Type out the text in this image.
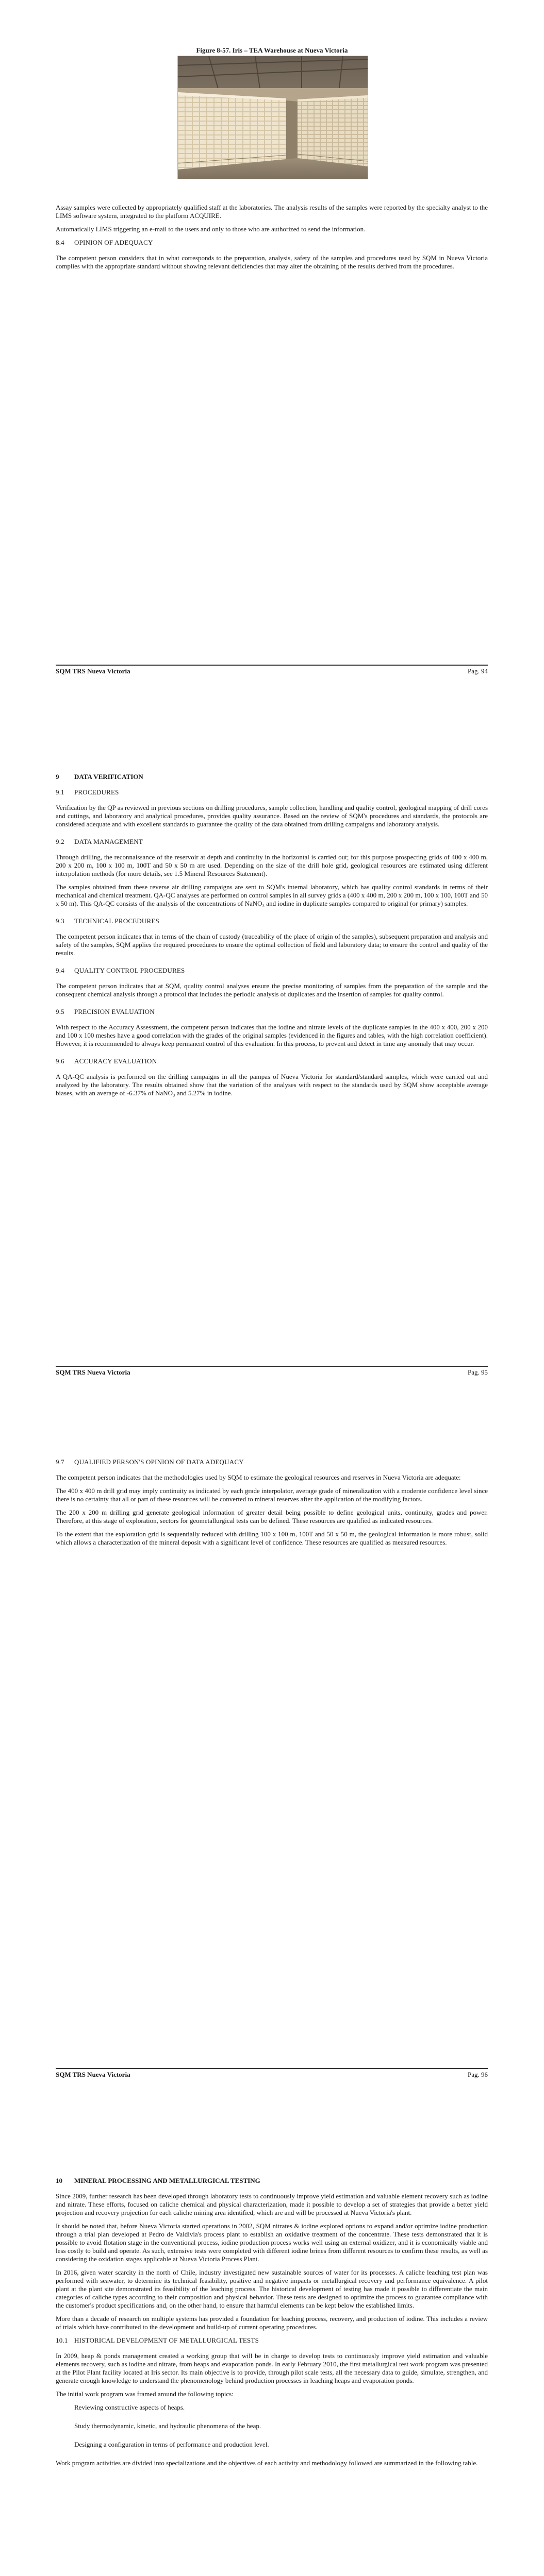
Figure 8-57. Iris – TEA Warehouse at Nueva Victoria

Assay samples were collected by appropriately qualified staff at the laboratories. The analysis results of the samples were reported by the specialty analyst to the LIMS software system, integrated to the platform ACQUIRE.

Automatically LIMS triggering an e-mail to the users and only to those who are authorized to send the information.

8.4 OPINION OF ADEQUACY

The competent person considers that in what corresponds to the preparation, analysis, safety of the samples and procedures used by SQM in Nueva Victoria complies with the appropriate standard without showing relevant deficiencies that may alter the obtaining of the results derived from the procedures.

SQM TRS Nueva Victoria	Pag. 94
9 DATA VERIFICATION
9.1 PROCEDURES

Verification by the QP as reviewed in previous sections on drilling procedures, sample collection, handling and quality control, geological mapping of drill cores and cuttings, and laboratory and analytical procedures, provides quality assurance. Based on the review of SQM's procedures and standards, the protocols are considered adequate and with excellent standards to guarantee the quality of the data obtained from drilling campaigns and laboratory analysis.

9.2 DATA MANAGEMENT

Through drilling, the reconnaissance of the reservoir at depth and continuity in the horizontal is carried out; for this purpose prospecting grids of 400 x 400 m, 200 x 200 m, 100 x 100 m, 100T and 50 x 50 m are used. Depending on the size of the drill hole grid, geological resources are estimated using different interpolation methods (for more details, see 1.5 Mineral Resources Statement).

The samples obtained from these reverse air drilling campaigns are sent to SQM's internal laboratory, which has quality control standards in terms of their mechanical and chemical treatment. QA-QC analyses are performed on control samples in all survey grids a (400 x 400 m, 200 x 200 m, 100 x 100, 100T and 50 x 50 m). This QA-QC consists of the analysis of the concentrations of NaNO₃ and iodine in duplicate samples compared to original (or primary) samples.

9.3 TECHNICAL PROCEDURES

The competent person indicates that in terms of the chain of custody (traceability of the place of origin of the samples), subsequent preparation and analysis and safety of the samples, SQM applies the required procedures to ensure the optimal collection of field and laboratory data; to ensure the control and quality of the results.

9.4 QUALITY CONTROL PROCEDURES

The competent person indicates that at SQM, quality control analyses ensure the precise monitoring of samples from the preparation of the sample and the consequent chemical analysis through a protocol that includes the periodic analysis of duplicates and the insertion of samples for quality control.

9.5 PRECISION EVALUATION

With respect to the Accuracy Assessment, the competent person indicates that the iodine and nitrate levels of the duplicate samples in the 400 x 400, 200 x 200 and 100 x 100 meshes have a good correlation with the grades of the original samples (evidenced in the figures and tables, with the high correlation coefficient). However, it is recommended to always keep permanent control of this evaluation. In this process, to prevent and detect in time any anomaly that may occur.

9.6 ACCURACY EVALUATION

A QA-QC analysis is performed on the drilling campaigns in all the pampas of Nueva Victoria for standard/standard samples, which were carried out and analyzed by the laboratory. The results obtained show that the variation of the analyses with respect to the standards used by SQM show acceptable average biases, with an average of -6.37% of NaNO₃ and 5.27% in iodine.

SQM TRS Nueva Victoria	Pag. 95
9.7 QUALIFIED PERSON'S OPINION OF DATA ADEQUACY

The competent person indicates that the methodologies used by SQM to estimate the geological resources and reserves in Nueva Victoria are adequate:

The 400 x 400 m drill grid may imply continuity as indicated by each grade interpolator, average grade of mineralization with a moderate confidence level since there is no certainty that all or part of these resources will be converted to mineral reserves after the application of the modifying factors.

The 200 x 200 m drilling grid generate geological information of greater detail being possible to define geological units, continuity, grades and power. Therefore, at this stage of exploration, sectors for geometallurgical tests can be defined. These resources are qualified as indicated resources.

To the extent that the exploration grid is sequentially reduced with drilling 100 x 100 m, 100T and 50 x 50 m, the geological information is more robust, solid which allows a characterization of the mineral deposit with a significant level of confidence. These resources are qualified as measured resources.

SQM TRS Nueva Victoria	Pag. 96
10 MINERAL PROCESSING AND METALLURGICAL TESTING

Since 2009, further research has been developed through laboratory tests to continuously improve yield estimation and valuable element recovery such as iodine and nitrate. These efforts, focused on caliche chemical and physical characterization, made it possible to develop a set of strategies that provide a better yield projection and recovery projection for each caliche mining area identified, which are and will be processed at Nueva Victoria's plant.

It should be noted that, before Nueva Victoria started operations in 2002, SQM nitrates & iodine explored options to expand and/or optimize iodine production through a trial plan developed at Pedro de Valdivia's process plant to establish an oxidative treatment of the concentrate. These tests demonstrated that it is possible to avoid flotation stage in the conventional process, iodine production process works well using an external oxidizer, and it is economically viable and less costly to build and operate. As such, extensive tests were completed with different iodine brines from different resources to confirm these results, as well as considering the oxidation stages applicable at Nueva Victoria Process Plant.

In 2016, given water scarcity in the north of Chile, industry investigated new sustainable sources of water for its processes. A caliche leaching test plan was performed with seawater, to determine its technical feasibility, positive and negative impacts or metallurgical recovery and performance equivalence. A pilot plant at the plant site demonstrated its feasibility of the leaching process. The historical development of testing has made it possible to differentiate the main categories of caliche types according to their composition and physical behavior. These tests are designed to optimize the process to guarantee compliance with the customer's product specifications and, on the other hand, to ensure that harmful elements can be kept below the established limits.

More than a decade of research on multiple systems has provided a foundation for leaching process, recovery, and production of iodine. This includes a review of trials which have contributed to the development and build-up of current operating procedures.

10.1 HISTORICAL DEVELOPMENT OF METALLURGICAL TESTS

In 2009, heap & ponds management created a working group that will be in charge to develop tests to continuously improve yield estimation and valuable elements recovery, such as iodine and nitrate, from heaps and evaporation ponds. In early February 2010, the first metallurgical test work program was presented at the Pilot Plant facility located at Iris sector. Its main objective is to provide, through pilot scale tests, all the necessary data to guide, simulate, strengthen, and generate enough knowledge to understand the phenomenology behind production processes in leaching heaps and evaporation ponds.

The initial work program was framed around the following topics:

Reviewing constructive aspects of heaps.
Study thermodynamic, kinetic, and hydraulic phenomena of the heap.
Designing a configuration in terms of performance and production level.

Work program activities are divided into specializations and the objectives of each activity and methodology followed are summarized in the following table.
